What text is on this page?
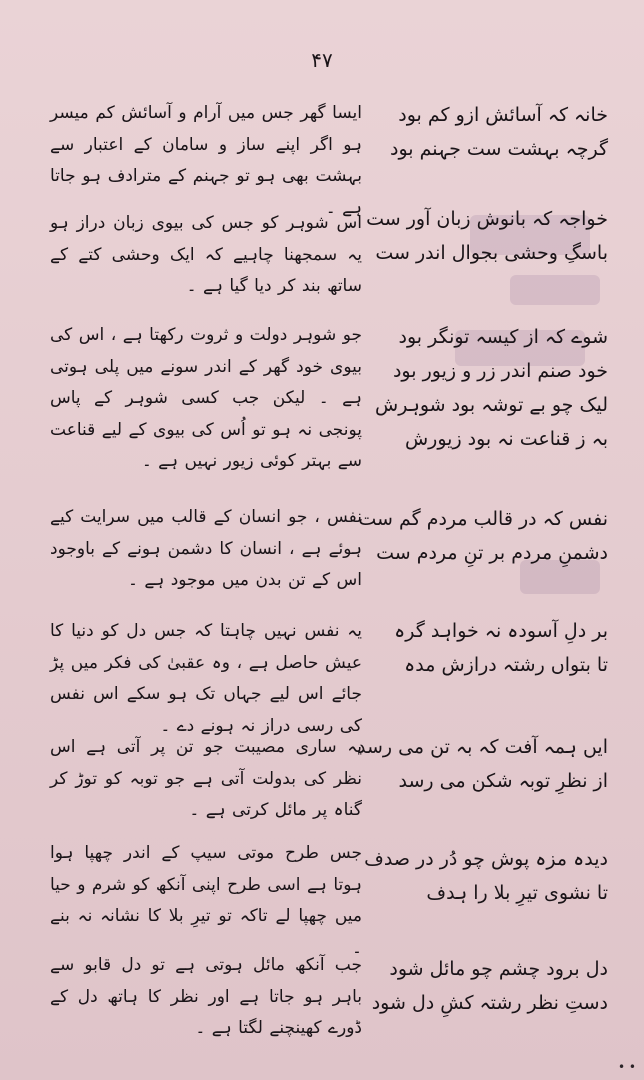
۴۷
خانہ کہ آسائش ازو کم بود
گرچہ بہشت ست جہنم بود
خواجہ کہ بانوش زبان آور ست
باسگِ وحشی بجوال اندر ست
شوے کہ از کیسہ تونگر بود
خود صنم اندر زر و زیور بود
لیک چو بے توشہ بود شوہرش
بہ ز قناعت نہ بود زیورش
نفس کہ در قالب مردم گم ست
دشمنِ مردم بر تنِ مردم ست
بر دلِ آسودہ نہ خواہد گرہ
تا بتواں رشتہ درازش مدہ
ایں ہمہ آفت کہ بہ تن می رسد
از نظرِ توبہ شکن می رسد
دیدہ مزہ پوش چو دُر در صدف
تا نشوی تیرِ بلا را ہدف
دل برود چشم چو مائل شود
دستِ نظر رشتہ کشِ دل شود

ایسا گھر جس میں آرام و آسائش کم میسر ہو اگر اپنے ساز و سامان کے اعتبار سے بہشت بھی ہو تو جہنم کے مترادف ہو جاتا ہے ۔

اس شوہر کو جس کی بیوی زبان دراز ہو یہ سمجھنا چاہیے کہ ایک وحشی کتے کے ساتھ بند کر دیا گیا ہے ۔

جو شوہر دولت و ثروت رکھتا ہے ، اس کی بیوی خود گھر کے اندر سونے میں پلی ہوتی ہے ۔ لیکن جب کسی شوہر کے پاس پونجی نہ ہو تو اُس کی بیوی کے لیے قناعت سے بہتر کوئی زیور نہیں ہے ۔

نفس ، جو انسان کے قالب میں سرایت کیے ہوئے ہے ، انسان کا دشمن ہونے کے باوجود اس کے تن بدن میں موجود ہے ۔

یہ نفس نہیں چاہتا کہ جس دل کو دنیا کا عیش حاصل ہے ، وہ عقبیٰ کی فکر میں پڑ جائے اس لیے جہاں تک ہو سکے اس نفس کی رسی دراز نہ ہونے دے ۔

یہ ساری مصیبت جو تن پر آتی ہے اس نظر کی بدولت آتی ہے جو توبہ کو توڑ کر گناہ پر مائل کرتی ہے ۔

جس طرح موتی سیپ کے اندر چھپا ہوا ہوتا ہے اسی طرح اپنی آنکھ کو شرم و حیا میں چھپا لے تاکہ تو تیرِ بلا کا نشانہ نہ بنے ۔

جب آنکھ مائل ہوتی ہے تو دل قابو سے باہر ہو جاتا ہے اور نظر کا ہاتھ دل کے ڈورے کھینچنے لگتا ہے ۔

• •
